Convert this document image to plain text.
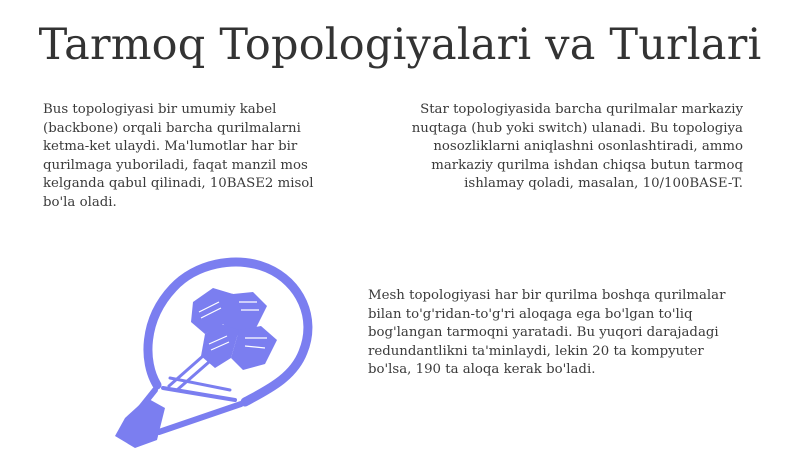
Tarmoq Topologiyalari va Turlari

Bus topologiyasi bir umumiy kabel (backbone) orqali barcha qurilmalarni ketma-ket ulaydi. Ma'lumotlar har bir qurilmaga yuboriladi, faqat manzil mos kelganda qabul qilinadi, 10BASE2 misol bo'la oladi.

Star topologiyasida barcha qurilmalar markaziy nuqtaga (hub yoki switch) ulanadi. Bu topologiya nosozliklarni aniqlashni osonlashtiradi, ammo markaziy qurilma ishdan chiqsa butun tarmoq ishlamay qoladi, masalan, 10/100BASE-T.

Mesh topologiyasi har bir qurilma boshqa qurilmalar bilan to'g'ridan-to'g'ri aloqaga ega bo'lgan to'liq bog'langan tarmoqni yaratadi. Bu yuqori darajadagi redundantlikni ta'minlaydi, lekin 20 ta kompyuter bo'lsa, 190 ta aloqa kerak bo'ladi.
